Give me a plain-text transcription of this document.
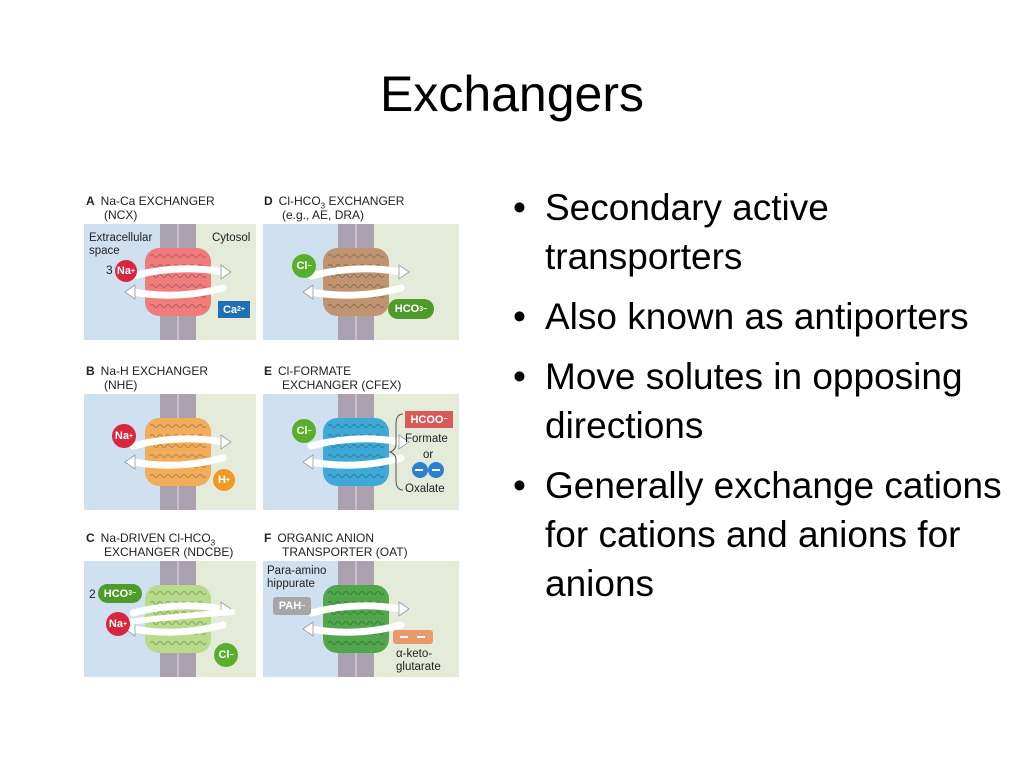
Exchangers
• Secondary active transporters
• Also known as antiporters
• Move solutes in opposing directions
• Generally exchange cations for cations and anions for anions
A Na-Ca EXCHANGER
(NCX)
Extracellular
space
Cytosol
3 Na +
Ca 2+
B Na-H EXCHANGER
(NHE)
Na +
H +
C Na-DRIVEN $Cl-HCO_3$
EXCHANGER (NDCBE)
2 HCO 3 −
Na +
Cl −
D $Cl-HCO_3$ EXCHANGER
(e.g., AE, DRA)
Cl −
HCO 3 −
E Cl-FORMATE
EXCHANGER (CFEX)
Cl −
HCOO −
Formate
or
Oxalate
F ORGANIC ANION
TRANSPORTER (OAT)
Para-amino
hippurate
PAH −
α-keto-
glutarate
